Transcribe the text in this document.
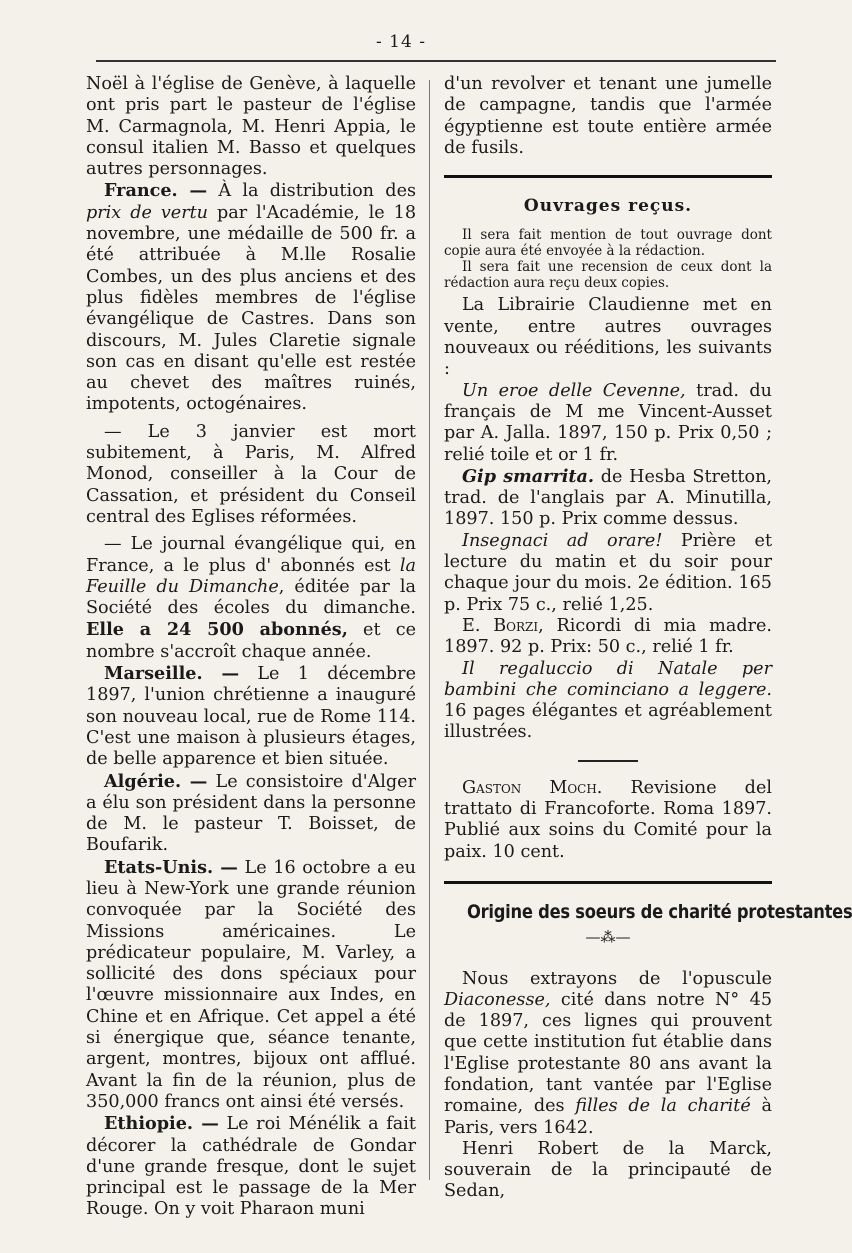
- 14 -

Noël à l'église de Genève, à laquelle ont pris part le pasteur de l'église M. Carmagnola, M. Henri Appia, le consul italien M. Basso et quelques autres personnages.

France. — À la distribution des prix de vertu par l'Académie, le 18 novembre, une médaille de 500 fr. a été attribuée à M.lle Rosalie Combes, un des plus anciens et des plus fidèles membres de l'église évangélique de Castres. Dans son discours, M. Jules Claretie signale son cas en disant qu'elle est restée au chevet des maîtres ruinés, impotents, octogénaires.

— Le 3 janvier est mort subitement, à Paris, M. Alfred Monod, conseiller à la Cour de Cassation, et président du Conseil central des Eglises réformées.

— Le journal évangélique qui, en France, a le plus d' abonnés est la Feuille du Dimanche, éditée par la Société des écoles du dimanche. Elle a 24 500 abonnés, et ce nombre s'accroît chaque année.

Marseille. — Le 1 décembre 1897, l'union chrétienne a inauguré son nouveau local, rue de Rome 114. C'est une maison à plusieurs étages, de belle apparence et bien située.

Algérie. — Le consistoire d'Alger a élu son président dans la personne de M. le pasteur T. Boisset, de Boufarik.

Etats-Unis. — Le 16 octobre a eu lieu à New-York une grande réunion convoquée par la Société des Missions américaines. Le prédicateur populaire, M. Varley, a sollicité des dons spéciaux pour l'œuvre missionnaire aux Indes, en Chine et en Afrique. Cet appel a été si énergique que, séance tenante, argent, montres, bijoux ont afflué. Avant la fin de la réunion, plus de 350,000 francs ont ainsi été versés.

Ethiopie. — Le roi Ménélik a fait décorer la cathédrale de Gondar d'une grande fresque, dont le sujet principal est le passage de la Mer Rouge. On y voit Pharaon muni

d'un revolver et tenant une jumelle de campagne, tandis que l'armée égyptienne est toute entière armée de fusils.

Ouvrages reçus.

Il sera fait mention de tout ouvrage dont copie aura été envoyée à la rédaction.

Il sera fait une recension de ceux dont la rédaction aura reçu deux copies.

La Librairie Claudienne met en vente, entre autres ouvrages nouveaux ou rééditions, les suivants :

Un eroe delle Cevenne, trad. du français de M me Vincent-Ausset par A. Jalla. 1897, 150 p. Prix 0,50 ; relié toile et or 1 fr.

Gip smarrita. de Hesba Stretton, trad. de l'anglais par A. Minutilla, 1897. 150 p. Prix comme dessus.

Insegnaci ad orare! Prière et lecture du matin et du soir pour chaque jour du mois. 2e édition. 165 p. Prix 75 c., relié 1,25.

E. Borzi, Ricordi di mia madre. 1897. 92 p. Prix: 50 c., relié 1 fr.

Il regaluccio di Natale per bambini che cominciano a leggere. 16 pages élégantes et agréablement illustrées.

Gaston Moch. Revisione del trattato di Francoforte. Roma 1897. Publié aux soins du Comité pour la paix. 10 cent.

Origine des soeurs de charité protestantes
—⁂—

Nous extrayons de l'opuscule Diaconesse, cité dans notre N° 45 de 1897, ces lignes qui prouvent que cette institution fut établie dans l'Eglise protestante 80 ans avant la fondation, tant vantée par l'Eglise romaine, des filles de la charité à Paris, vers 1642.

Henri Robert de la Marck, souverain de la principauté de Sedan,
